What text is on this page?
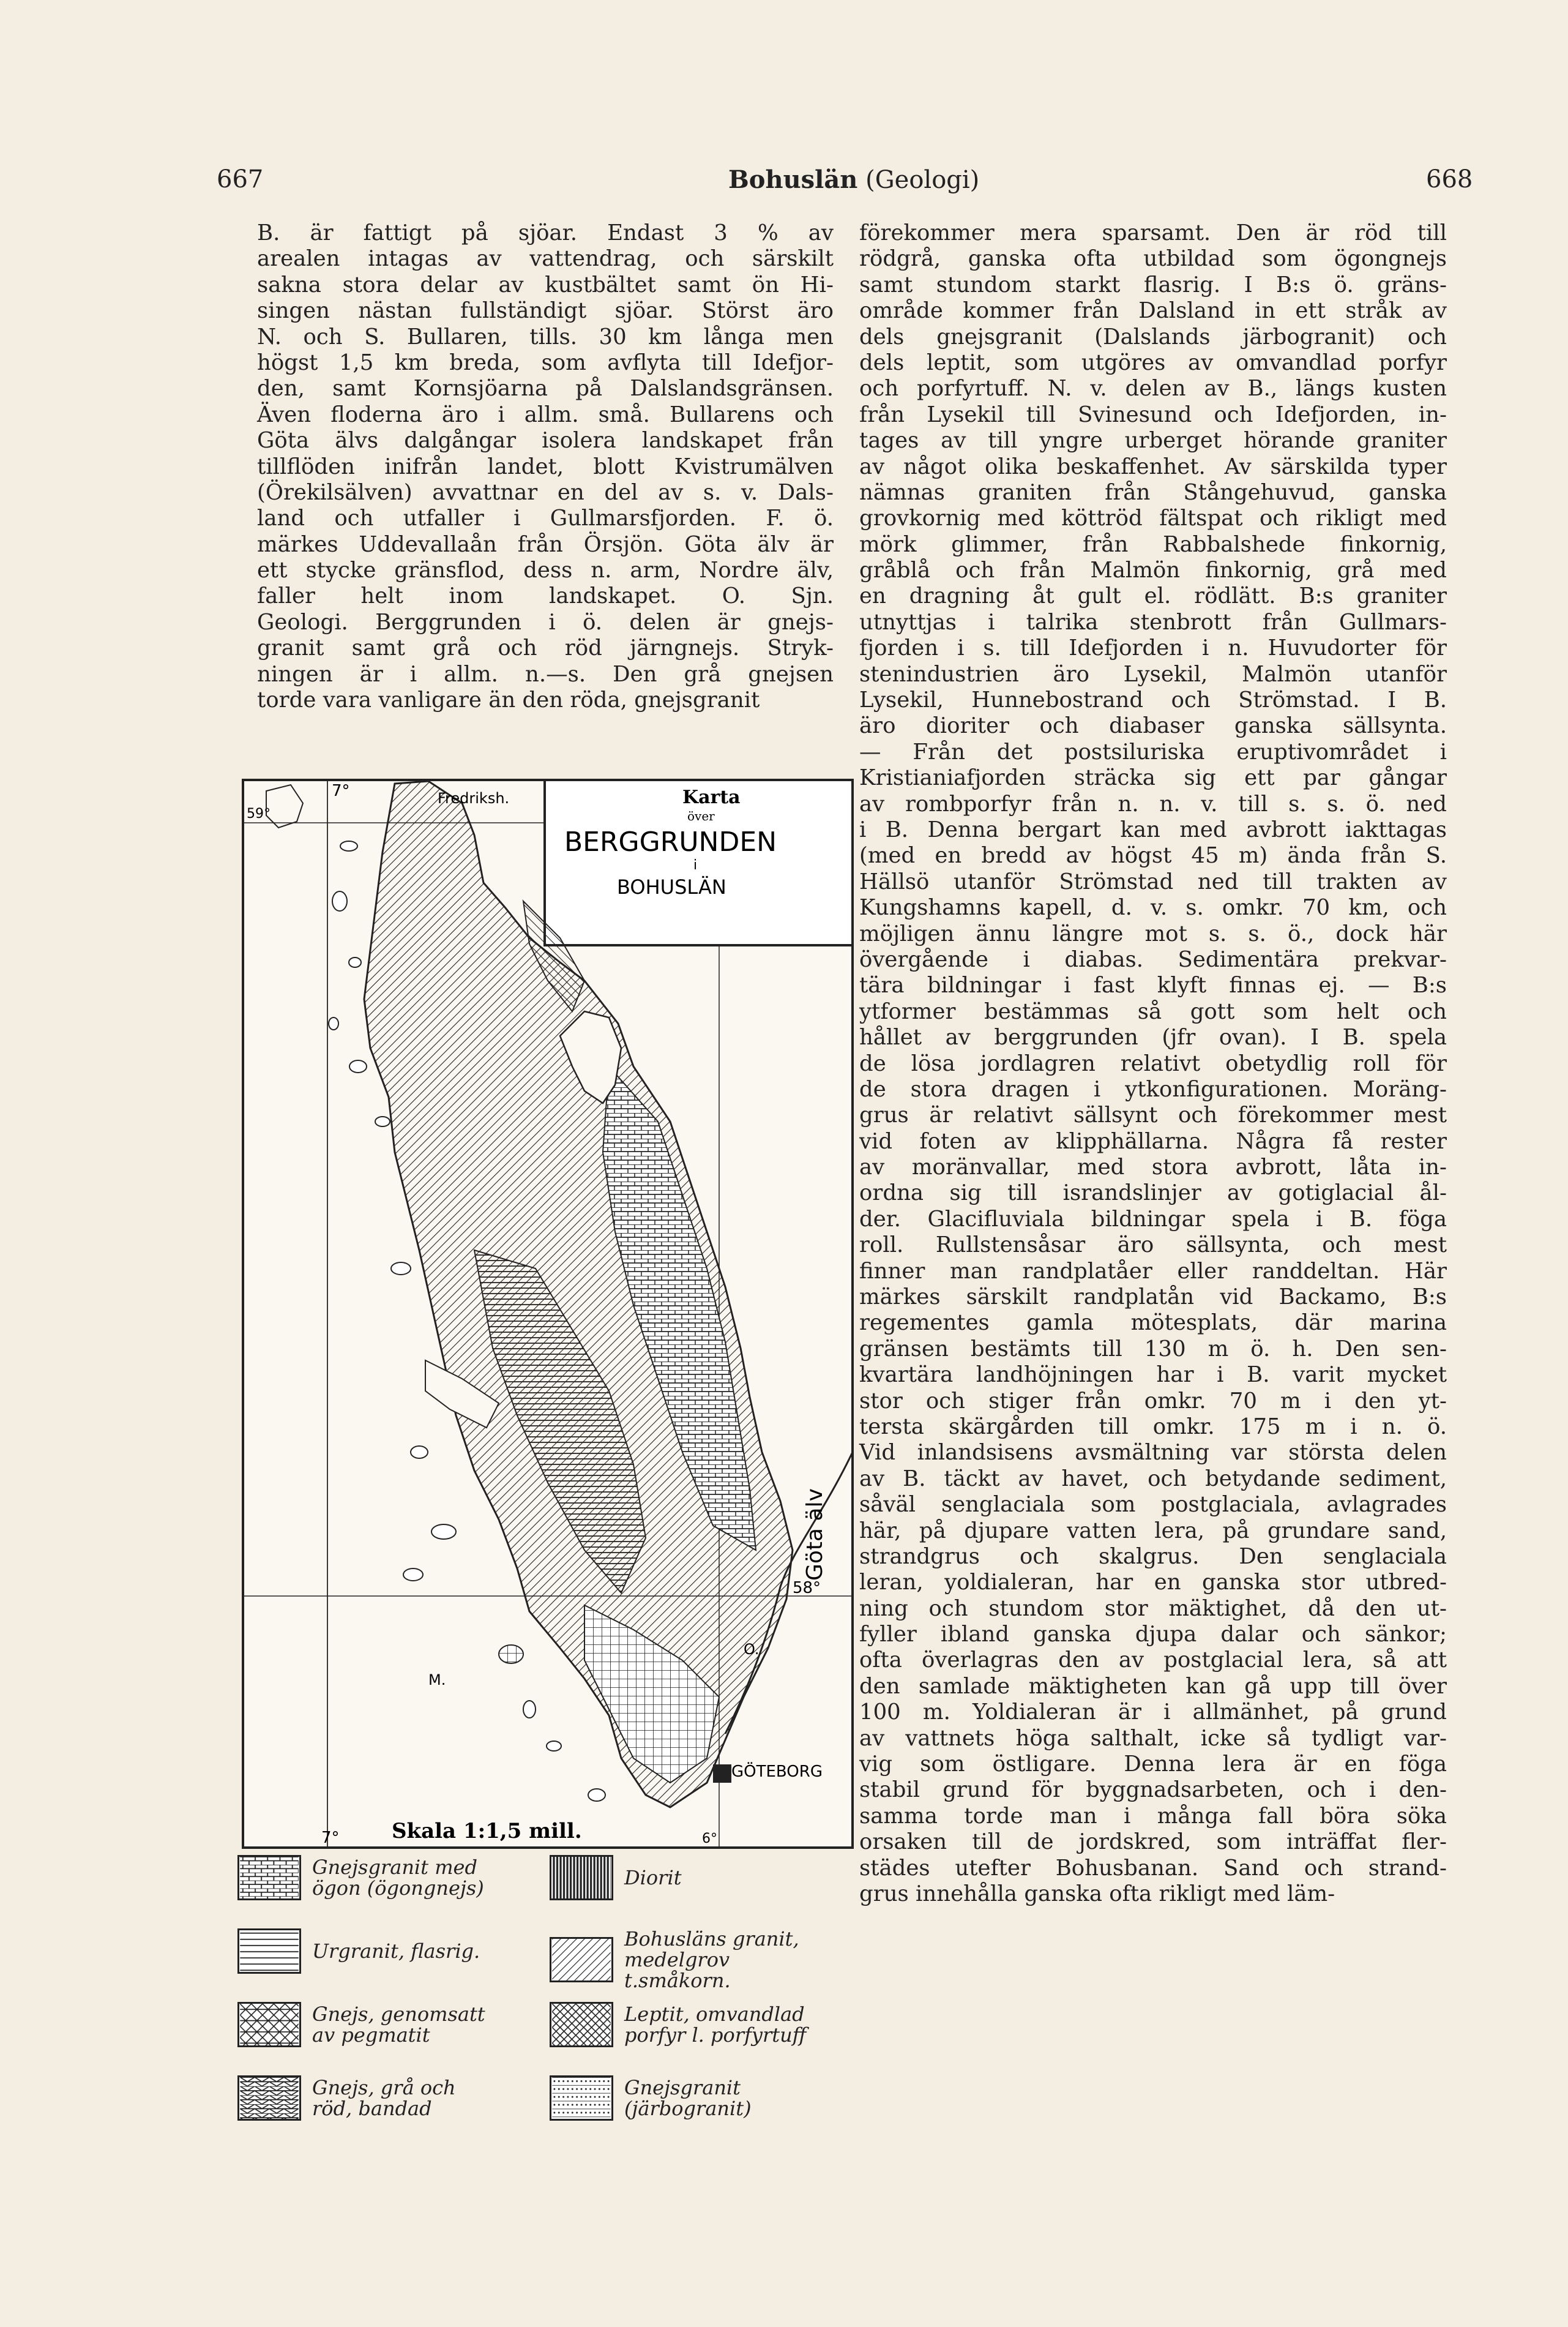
667	Bohuslän (Geologi)	668
B. är fattigt på sjöar. Endast 3 % av
arealen intagas av vattendrag, och särskilt
sakna stora delar av kustbältet samt ön Hi-
singen nästan fullständigt sjöar. Störst äro
N. och S. Bullaren, tills. 30 km långa men
högst 1,5 km breda, som avflyta till Idefjor-
den, samt Kornsjöarna på Dalslandsgränsen.
Även floderna äro i allm. små. Bullarens och
Göta älvs dalgångar isolera landskapet från
tillflöden inifrån landet, blott Kvistrumälven
(Örekilsälven) avvattnar en del av s. v. Dals-
land och utfaller i Gullmarsfjorden. F. ö.
märkes Uddevallaån från Örsjön. Göta älv är
ett stycke gränsflod, dess n. arm, Nordre älv,
faller helt inom landskapet. O. Sjn.
Geologi. Berggrunden i ö. delen är gnejs-
granit samt grå och röd järngnejs. Stryk-
ningen är i allm. n.—s. Den grå gnejsen
torde vara vanligare än den röda, gnejsgranit
förekommer mera sparsamt. Den är röd till
rödgrå, ganska ofta utbildad som ögongnejs
samt stundom starkt flasrig. I B:s ö. gräns-
område kommer från Dalsland in ett stråk av
dels gnejsgranit (Dalslands järbogranit) och
dels leptit, som utgöres av omvandlad porfyr
och porfyrtuff. N. v. delen av B., längs kusten
från Lysekil till Svinesund och Idefjorden, in-
tages av till yngre urberget hörande graniter
av något olika beskaffenhet. Av särskilda typer
nämnas graniten från Stångehuvud, ganska
grovkornig med köttröd fältspat och rikligt med
mörk glimmer, från Rabbalshede finkornig,
gråblå och från Malmön finkornig, grå med
en dragning åt gult el. rödlätt. B:s graniter
utnyttjas i talrika stenbrott från Gullmars-
fjorden i s. till Idefjorden i n. Huvudorter för
stenindustrien äro Lysekil, Malmön utanför
Lysekil, Hunnebostrand och Strömstad. I B.
äro dioriter och diabaser ganska sällsynta.
— Från det postsiluriska eruptivområdet i
Kristianiafjorden sträcka sig ett par gångar
av rombporfyr från n. n. v. till s. s. ö. ned
i B. Denna bergart kan med avbrott iakttagas
(med en bredd av högst 45 m) ända från S.
Hällsö utanför Strömstad ned till trakten av
Kungshamns kapell, d. v. s. omkr. 70 km, och
möjligen ännu längre mot s. s. ö., dock här
övergående i diabas. Sedimentära prekvar-
tära bildningar i fast klyft finnas ej. — B:s
ytformer bestämmas så gott som helt och
hållet av berggrunden (jfr ovan). I B. spela
de lösa jordlagren relativt obetydlig roll för
de stora dragen i ytkonfigurationen. Moräng-
grus är relativt sällsynt och förekommer mest
vid foten av klipphällarna. Några få rester
av moränvallar, med stora avbrott, låta in-
ordna sig till israndslinjer av gotiglacial ål-
der. Glacifluviala bildningar spela i B. föga
roll. Rullstensåsar äro sällsynta, och mest
finner man randplatåer eller randdeltan. Här
märkes särskilt randplatån vid Backamo, B:s
regementes gamla mötesplats, där marina
gränsen bestämts till 130 m ö. h. Den sen-
kvartära landhöjningen har i B. varit mycket
stor och stiger från omkr. 70 m i den yt-
tersta skärgården till omkr. 175 m i n. ö.
Vid inlandsisens avsmältning var största delen
av B. täckt av havet, och betydande sediment,
såväl senglaciala som postglaciala, avlagrades
här, på djupare vatten lera, på grundare sand,
strandgrus och skalgrus. Den senglaciala
leran, yoldialeran, har en ganska stor utbred-
ning och stundom stor mäktighet, då den ut-
fyller ibland ganska djupa dalar och sänkor;
ofta överlagras den av postglacial lera, så att
den samlade mäktigheten kan gå upp till över
100 m. Yoldialeran är i allmänhet, på grund
av vattnets höga salthalt, icke så tydligt var-
vig som östligare. Denna lera är en föga
stabil grund för byggnadsarbeten, och i den-
samma torde man i många fall böra söka
orsaken till de jordskred, som inträffat fler-
städes utefter Bohusbanan. Sand och strand-
grus innehålla ganska ofta rikligt med läm-
Karta
över
BERGGRUNDEN
i
BOHUSLÄN
7°
59°
58°
7°	6°
Fredriksh.
Göta älv
GÖTEBORG
M.
O.
Skala 1:1,5 mill.
Gnejsgranit med ögon (ögongnejs)	Diorit
Urgranit, flasrig.
Bohusläns granit, medelgrov t.småkorn.
Gnejs, genomsatt av pegmatit
Leptit, omvandlad porfyr l. porfyrtuff
Gnejs, grå och röd, bandad
Gnejsgranit (järbogranit)
